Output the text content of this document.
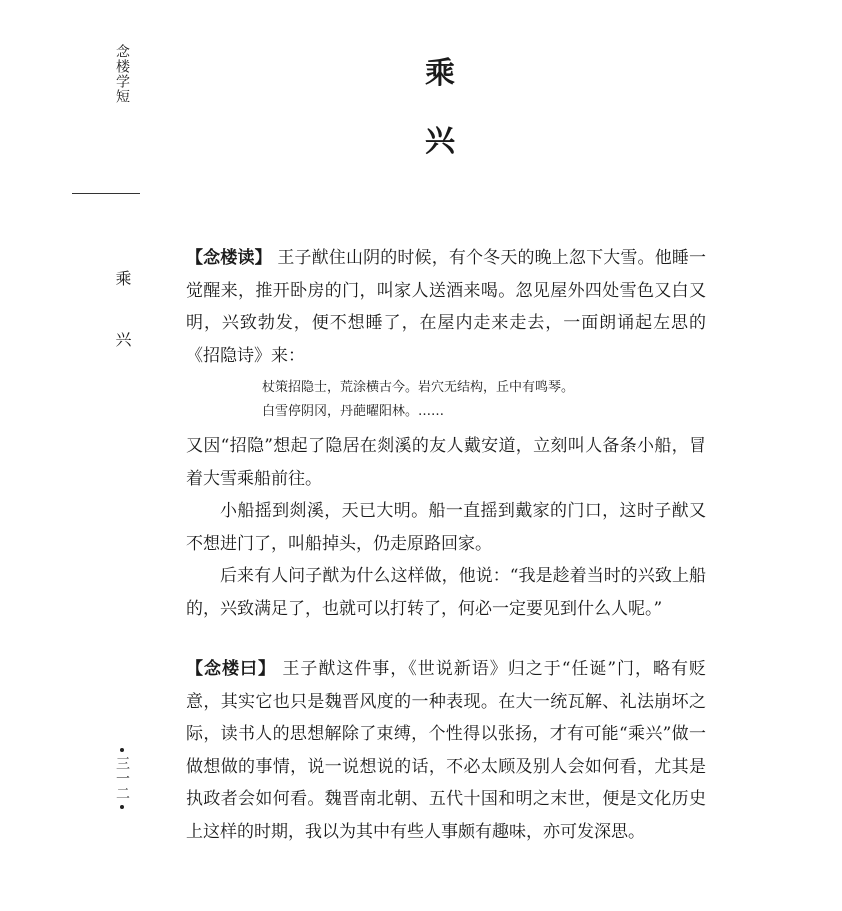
念楼学短
乘 兴
三一二
乘
兴

【念楼读】 王子猷住山阴的时候，有个冬天的晚上忽下大雪。他睡一觉醒来，推开卧房的门，叫家人送酒来喝。忽见屋外四处雪色又白又明，兴致勃发，便不想睡了，在屋内走来走去，一面朗诵起左思的《招隐诗》来：

杖策招隐士，荒涂横古今。岩穴无结构，丘中有鸣琴。
白雪停阴冈，丹葩曜阳林。……

又因“招隐”想起了隐居在剡溪的友人戴安道，立刻叫人备条小船，冒着大雪乘船前往。

小船摇到剡溪，天已大明。船一直摇到戴家的门口，这时子猷又不想进门了，叫船掉头，仍走原路回家。

后来有人问子猷为什么这样做，他说：“我是趁着当时的兴致上船的，兴致满足了，也就可以打转了，何必一定要见到什么人呢。”

【念楼曰】 王子猷这件事，《世说新语》归之于“任诞”门，略有贬意，其实它也只是魏晋风度的一种表现。在大一统瓦解、礼法崩坏之际，读书人的思想解除了束缚，个性得以张扬，才有可能“乘兴”做一做想做的事情，说一说想说的话，不必太顾及别人会如何看，尤其是执政者会如何看。魏晋南北朝、五代十国和明之末世，便是文化历史上这样的时期，我以为其中有些人事颇有趣味，亦可发深思。
